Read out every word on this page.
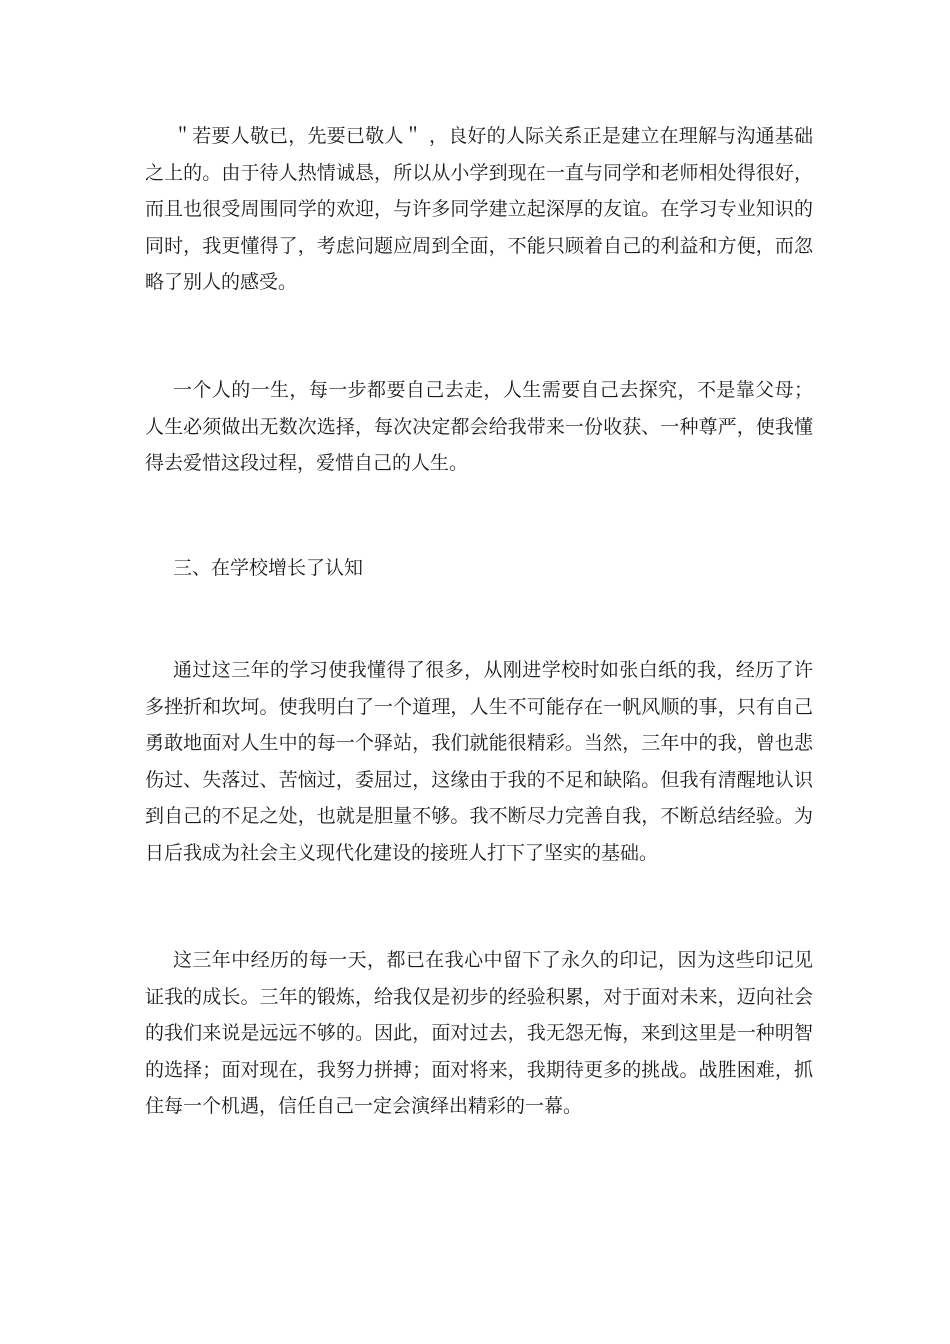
＂若要人敬已，先要已敬人＂ ，良好的人际关系正是建立在理解与沟通基础之上的。由于待人热情诚恳，所以从小学到现在一直与同学和老师相处得很好，而且也很受周围同学的欢迎，与许多同学建立起深厚的友谊。在学习专业知识的同时，我更懂得了，考虑问题应周到全面，不能只顾着自己的利益和方便，而忽略了别人的感受。

一个人的一生，每一步都要自己去走，人生需要自己去探究，不是靠父母；人生必须做出无数次选择，每次决定都会给我带来一份收获、一种尊严，使我懂得去爱惜这段过程，爱惜自己的人生。

三、在学校增长了认知

通过这三年的学习使我懂得了很多，从刚进学校时如张白纸的我，经历了许多挫折和坎坷。使我明白了一个道理，人生不可能存在一帆风顺的事，只有自己勇敢地面对人生中的每一个驿站，我们就能很精彩。当然，三年中的我，曾也悲伤过、失落过、苦恼过，委屈过，这缘由于我的不足和缺陷。但我有清醒地认识到自己的不足之处，也就是胆量不够。我不断尽力完善自我，不断总结经验。为日后我成为社会主义现代化建设的接班人打下了坚实的基础。

这三年中经历的每一天，都已在我心中留下了永久的印记，因为这些印记见证我的成长。三年的锻炼，给我仅是初步的经验积累，对于面对未来，迈向社会的我们来说是远远不够的。因此，面对过去，我无怨无悔，来到这里是一种明智的选择；面对现在，我努力拼搏；面对将来，我期待更多的挑战。战胜困难，抓住每一个机遇，信任自己一定会演绎出精彩的一幕。
